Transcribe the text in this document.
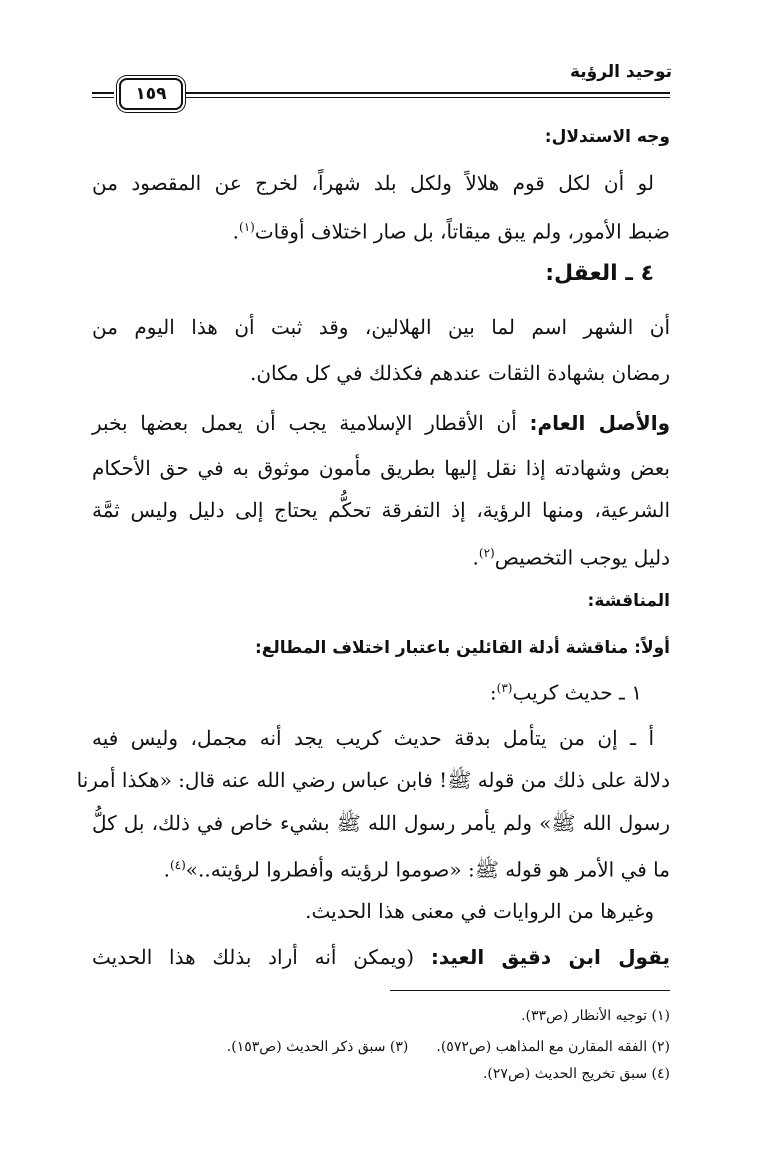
توحيد الرؤية
١٥٩
وجه الاستدلال:
لو أن لكل قوم هلالاً ولكل بلد شهراً، لخرج عن المقصود من
ضبط الأمور، ولم يبق ميقاتاً، بل صار اختلاف أوقات$^{(١)}$.
٤ ـ العقل:
أن الشهر اسم لما بين الهلالين، وقد ثبت أن هذا اليوم من
رمضان بشهادة الثقات عندهم فكذلك في كل مكان.
والأصل العام: أن الأقطار الإسلامية يجب أن يعمل بعضها بخبر
بعض وشهادته إذا نقل إليها بطريق مأمون موثوق به في حق الأحكام
الشرعية، ومنها الرؤية، إذ التفرقة تحكُّم يحتاج إلى دليل وليس ثمَّة
دليل يوجب التخصيص$^{(٢)}$.
المناقشة:
أولاً: مناقشة أدلة القائلين باعتبار اختلاف المطالع:
١ ـ حديث كريب$^{(٣)}$:
أ ـ إن من يتأمل بدقة حديث كريب يجد أنه مجمل، وليس فيه
دلالة على ذلك من قوله ﷺ! فابن عباس رضي الله عنه قال: «هكذا أمرنا
رسول الله ﷺ» ولم يأمر رسول الله ﷺ بشيء خاص في ذلك، بل كلُّ
ما في الأمر هو قوله ﷺ: «صوموا لرؤيته وأفطروا لرؤيته..»$^{(٤)}$.
وغيرها من الروايات في معنى هذا الحديث.
يقول ابن دقيق العيد: (ويمكن أنه أراد بذلك هذا الحديث
(١) توجيه الأنظار (ص٣٣).
(٢) الفقه المقارن مع المذاهب (ص٥٧٢).(٣) سبق ذكر الحديث (ص١٥٣).
(٤) سبق تخريج الحديث (ص٢٧).
